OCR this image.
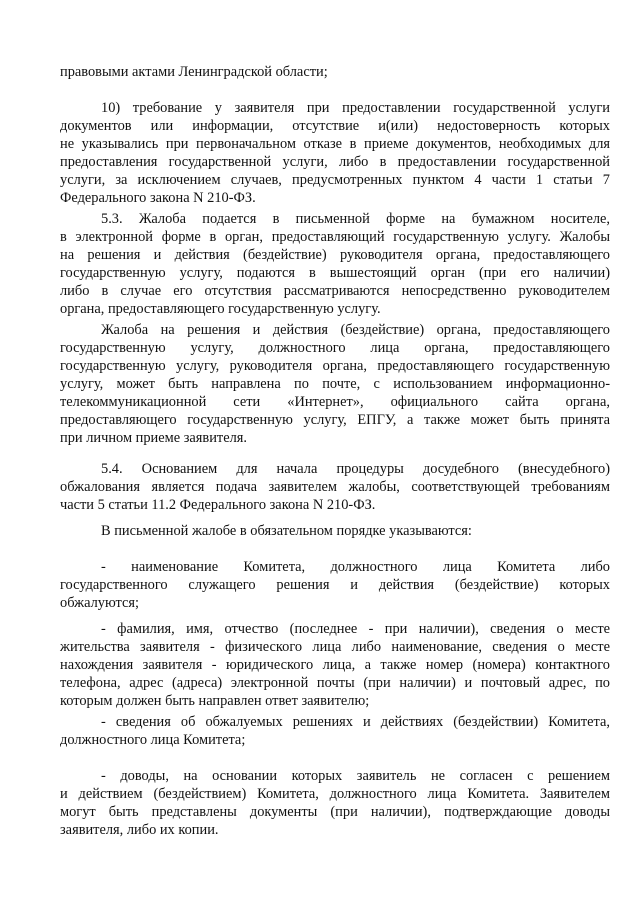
правовыми актами Ленинградской области;
10) требование у заявителя при предоставлении государственной услуги
документов или информации, отсутствие и(или) недостоверность которых
не указывались при первоначальном отказе в приеме документов, необходимых для
предоставления государственной услуги, либо в предоставлении государственной
услуги, за исключением случаев, предусмотренных пунктом 4 части 1 статьи 7
Федерального закона N 210-ФЗ.
5.3. Жалоба подается в письменной форме на бумажном носителе,
в электронной форме в орган, предоставляющий государственную услугу. Жалобы
на решения и действия (бездействие) руководителя органа, предоставляющего
государственную услугу, подаются в вышестоящий орган (при его наличии)
либо в случае его отсутствия рассматриваются непосредственно руководителем
органа, предоставляющего государственную услугу.
Жалоба на решения и действия (бездействие) органа, предоставляющего
государственную услугу, должностного лица органа, предоставляющего
государственную услугу, руководителя органа, предоставляющего государственную
услугу, может быть направлена по почте, с использованием информационно-
телекоммуникационной сети «Интернет», официального сайта органа,
предоставляющего государственную услугу, ЕПГУ, а также может быть принята
при личном приеме заявителя.
5.4. Основанием для начала процедуры досудебного (внесудебного)
обжалования является подача заявителем жалобы, соответствующей требованиям
части 5 статьи 11.2 Федерального закона N 210-ФЗ.
В письменной жалобе в обязательном порядке указываются:
- наименование Комитета, должностного лица Комитета либо
государственного служащего решения и действия (бездействие) которых
обжалуются;
- фамилия, имя, отчество (последнее - при наличии), сведения о месте
жительства заявителя - физического лица либо наименование, сведения о месте
нахождения заявителя - юридического лица, а также номер (номера) контактного
телефона, адрес (адреса) электронной почты (при наличии) и почтовый адрес, по
которым должен быть направлен ответ заявителю;
- сведения об обжалуемых решениях и действиях (бездействии) Комитета,
должностного лица Комитета;
- доводы, на основании которых заявитель не согласен с решением
и действием (бездействием) Комитета, должностного лица Комитета. Заявителем
могут быть представлены документы (при наличии), подтверждающие доводы
заявителя, либо их копии.
